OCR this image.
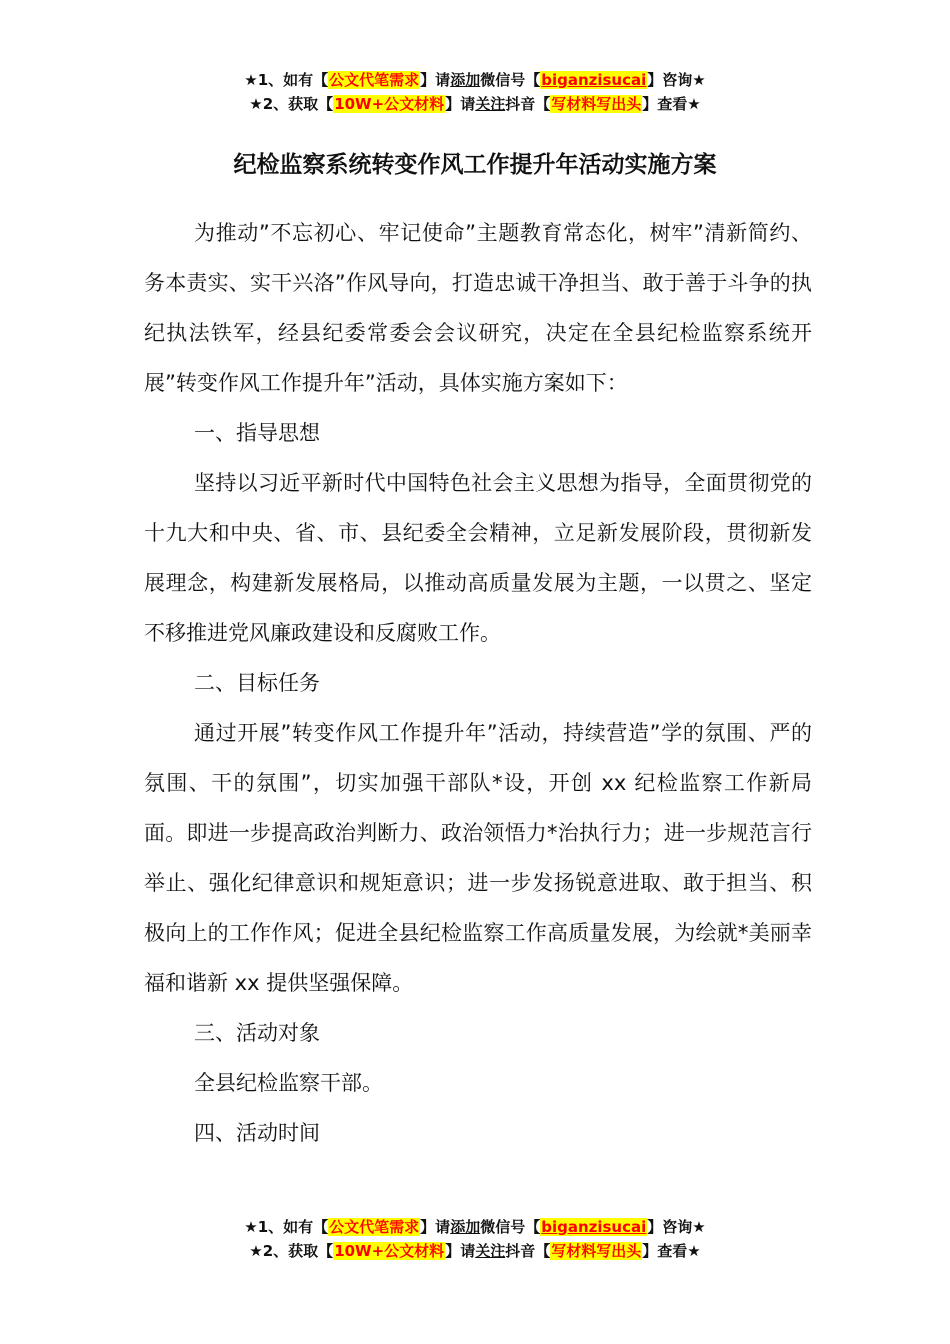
★1、如有【公文代笔需求】请添加微信号【biganzisucai】咨询★
★2、获取【10W+公文材料】请关注抖音【写材料写出头】查看★
纪检监察系统转变作风工作提升年活动实施方案

为推动”不忘初心、牢记使命”主题教育常态化，树牢”清新简约、务本责实、实干兴洛”作风导向，打造忠诚干净担当、敢于善于斗争的执纪执法铁军，经县纪委常委会会议研究，决定在全县纪检监察系统开展”转变作风工作提升年”活动，具体实施方案如下：

一、指导思想

坚持以习近平新时代中国特色社会主义思想为指导，全面贯彻党的十九大和中央、省、市、县纪委全会精神，立足新发展阶段，贯彻新发展理念，构建新发展格局，以推动高质量发展为主题，一以贯之、坚定不移推进党风廉政建设和反腐败工作。

二、目标任务

通过开展”转变作风工作提升年”活动，持续营造”学的氛围、严的氛围、干的氛围”，切实加强干部队*设，开创 xx 纪检监察工作新局面。即进一步提高政治判断力、政治领悟力*治执行力；进一步规范言行举止、强化纪律意识和规矩意识；进一步发扬锐意进取、敢于担当、积极向上的工作作风；促进全县纪检监察工作高质量发展，为绘就*美丽幸福和谐新 xx 提供坚强保障。

三、活动对象

全县纪检监察干部。

四、活动时间

★1、如有【公文代笔需求】请添加微信号【biganzisucai】咨询★
★2、获取【10W+公文材料】请关注抖音【写材料写出头】查看★
